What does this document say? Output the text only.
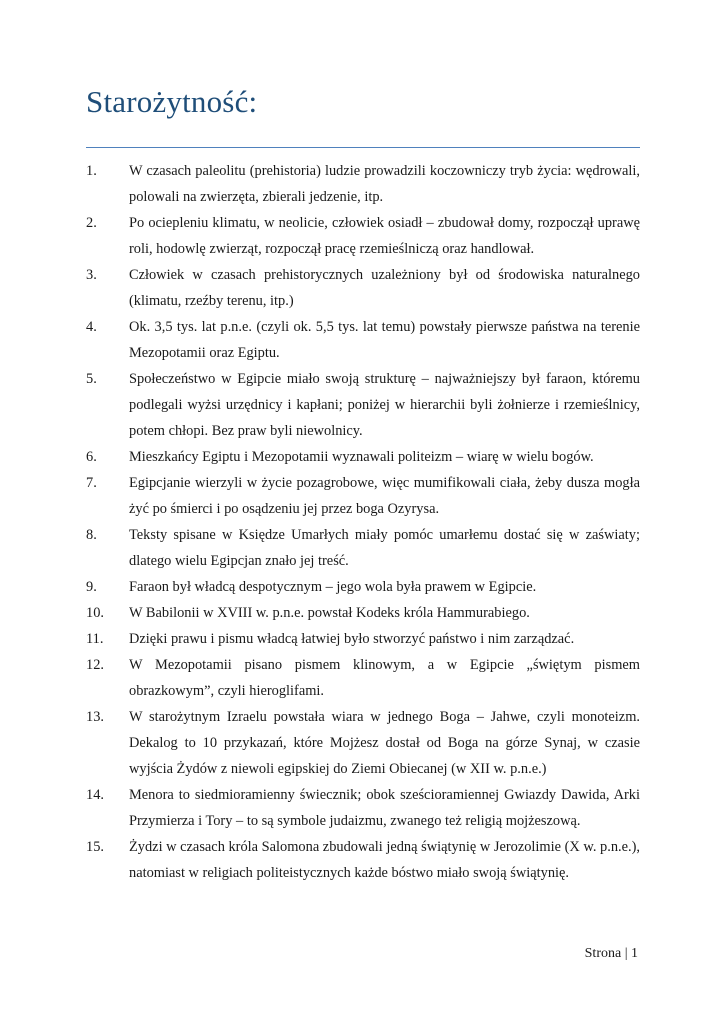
Starożytność:
1.	W czasach paleolitu (prehistoria) ludzie prowadzili koczowniczy tryb życia: wędrowali, polowali na zwierzęta, zbierali jedzenie, itp.
2.	Po ociepleniu klimatu, w neolicie, człowiek osiadł – zbudował domy, rozpoczął uprawę roli, hodowlę zwierząt, rozpoczął pracę rzemieślniczą oraz handlował.
3.	Człowiek w czasach prehistorycznych uzależniony był od środowiska naturalnego (klimatu, rzeźby terenu, itp.)
4.	Ok. 3,5 tys. lat p.n.e. (czyli ok. 5,5 tys. lat temu) powstały pierwsze państwa na terenie Mezopotamii oraz Egiptu.
5.	Społeczeństwo w Egipcie miało swoją strukturę – najważniejszy był faraon, któremu podlegali wyżsi urzędnicy i kapłani; poniżej w hierarchii byli żołnierze i rzemieślnicy, potem chłopi. Bez praw byli niewolnicy.
6.	Mieszkańcy Egiptu i Mezopotamii wyznawali politeizm – wiarę w wielu bogów.
7.	Egipcjanie wierzyli w życie pozagrobowe, więc mumifikowali ciała, żeby dusza mogła żyć po śmierci i po osądzeniu jej przez boga Ozyrysa.
8.	Teksty spisane w Księdze Umarłych miały pomóc umarłemu dostać się w zaświaty; dlatego wielu Egipcjan znało jej treść.
9.	Faraon był władcą despotycznym – jego wola była prawem w Egipcie.
10.	W Babilonii w XVIII w. p.n.e. powstał Kodeks króla Hammurabiego.
11.	Dzięki prawu i pismu władcą łatwiej było stworzyć państwo i nim zarządzać.
12.	W Mezopotamii pisano pismem klinowym, a w Egipcie „świętym pismem obrazkowym”, czyli hieroglifami.
13.	W starożytnym Izraelu powstała wiara w jednego Boga – Jahwe, czyli monoteizm. Dekalog to 10 przykazań, które Mojżesz dostał od Boga na górze Synaj, w czasie wyjścia Żydów z niewoli egipskiej do Ziemi Obiecanej (w XII w. p.n.e.)
14.	Menora to siedmioramienny świecznik; obok sześcioramiennej Gwiazdy Dawida, Arki Przymierza i Tory – to są symbole judaizmu, zwanego też religią mojżeszową.
15.	Żydzi w czasach króla Salomona zbudowali jedną świątynię w Jerozolimie (X w. p.n.e.), natomiast w religiach politeistycznych każde bóstwo miało swoją świątynię.
Strona | 1
